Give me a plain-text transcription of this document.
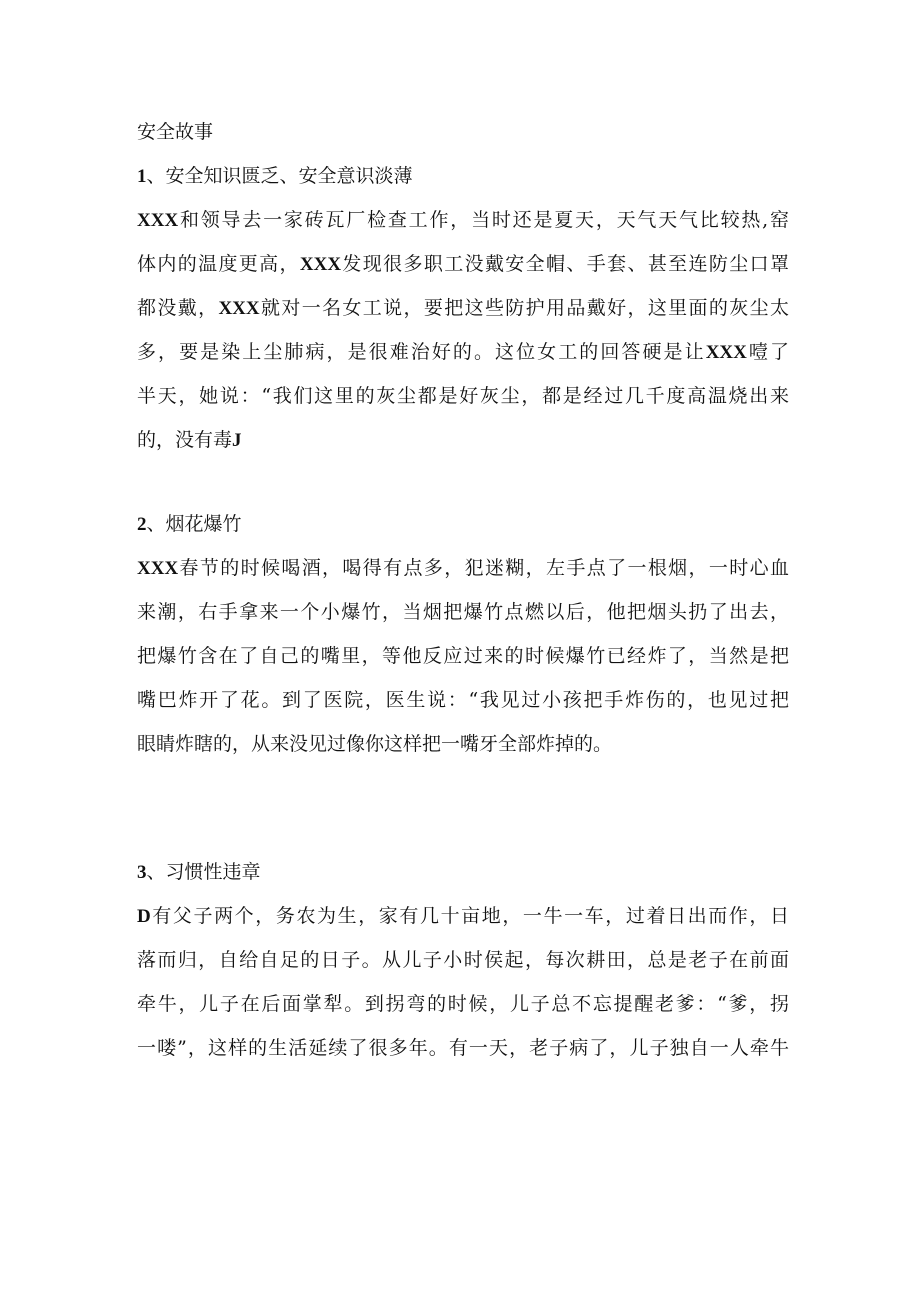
安全故事
1、安全知识匮乏、安全意识淡薄
XXX和领导去一家砖瓦厂检查工作，当时还是夏天，天气天气比较热,窑
体内的温度更高，XXX发现很多职工没戴安全帽、手套、甚至连防尘口罩
都没戴，XXX就对一名女工说，要把这些防护用品戴好，这里面的灰尘太
多，要是染上尘肺病，是很难治好的。这位女工的回答硬是让XXX噎了
半天，她说：“我们这里的灰尘都是好灰尘，都是经过几千度高温烧出来
的，没有毒J
2、烟花爆竹
XXX春节的时候喝酒，喝得有点多，犯迷糊，左手点了一根烟，一时心血
来潮，右手拿来一个小爆竹，当烟把爆竹点燃以后，他把烟头扔了出去，
把爆竹含在了自己的嘴里，等他反应过来的时候爆竹已经炸了，当然是把
嘴巴炸开了花。到了医院，医生说：“我见过小孩把手炸伤的，也见过把
眼睛炸瞎的，从来没见过像你这样把一嘴牙全部炸掉的。
3、习惯性违章
D有父子两个，务农为生，家有几十亩地，一牛一车，过着日出而作，日
落而归，自给自足的日子。从儿子小时侯起，每次耕田，总是老子在前面
牵牛，儿子在后面掌犁。到拐弯的时候，儿子总不忘提醒老爹：“爹，拐
一喽”，这样的生活延续了很多年。有一天，老子病了，儿子独自一人牵牛
